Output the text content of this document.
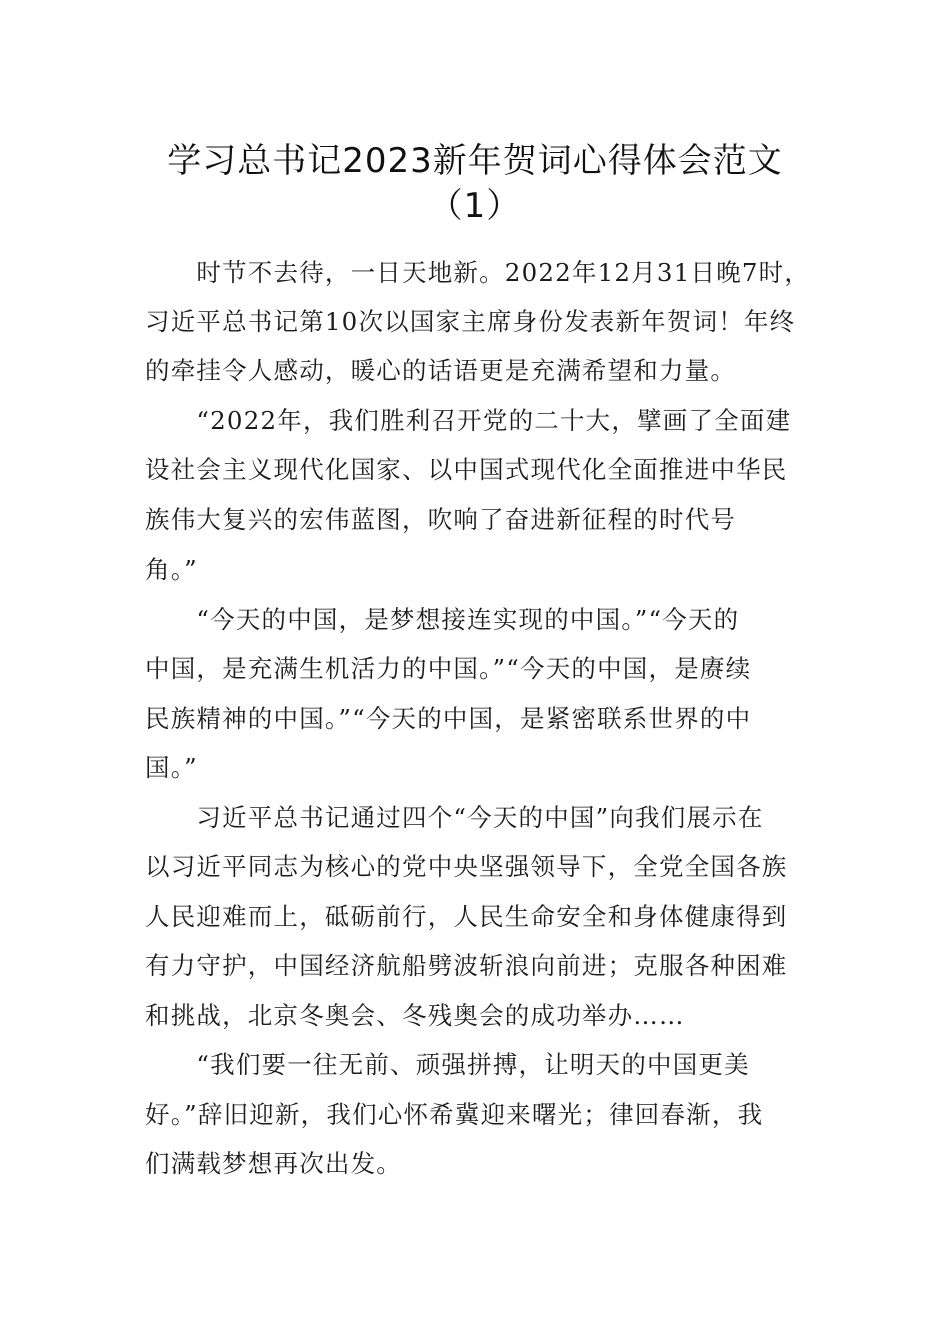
学习总书记2023新年贺词心得体会范文
（1）
　　时节不去待，一日天地新。2022年12月31日晚7时，
习近平总书记第10次以国家主席身份发表新年贺词！年终
的牵挂令人感动，暖心的话语更是充满希望和力量。
　　“2022年，我们胜利召开党的二十大，擘画了全面建
设社会主义现代化国家、以中国式现代化全面推进中华民
族伟大复兴的宏伟蓝图，吹响了奋进新征程的时代号
角。”
　　“今天的中国，是梦想接连实现的中国。”“今天的
中国，是充满生机活力的中国。”“今天的中国，是赓续
民族精神的中国。”“今天的中国，是紧密联系世界的中
国。”
　　习近平总书记通过四个“今天的中国”向我们展示在
以习近平同志为核心的党中央坚强领导下，全党全国各族
人民迎难而上，砥砺前行，人民生命安全和身体健康得到
有力守护，中国经济航船劈波斩浪向前进；克服各种困难
和挑战，北京冬奥会、冬残奥会的成功举办……
　　“我们要一往无前、顽强拼搏，让明天的中国更美
好。”辞旧迎新，我们心怀希冀迎来曙光；律回春渐，我
们满载梦想再次出发。
